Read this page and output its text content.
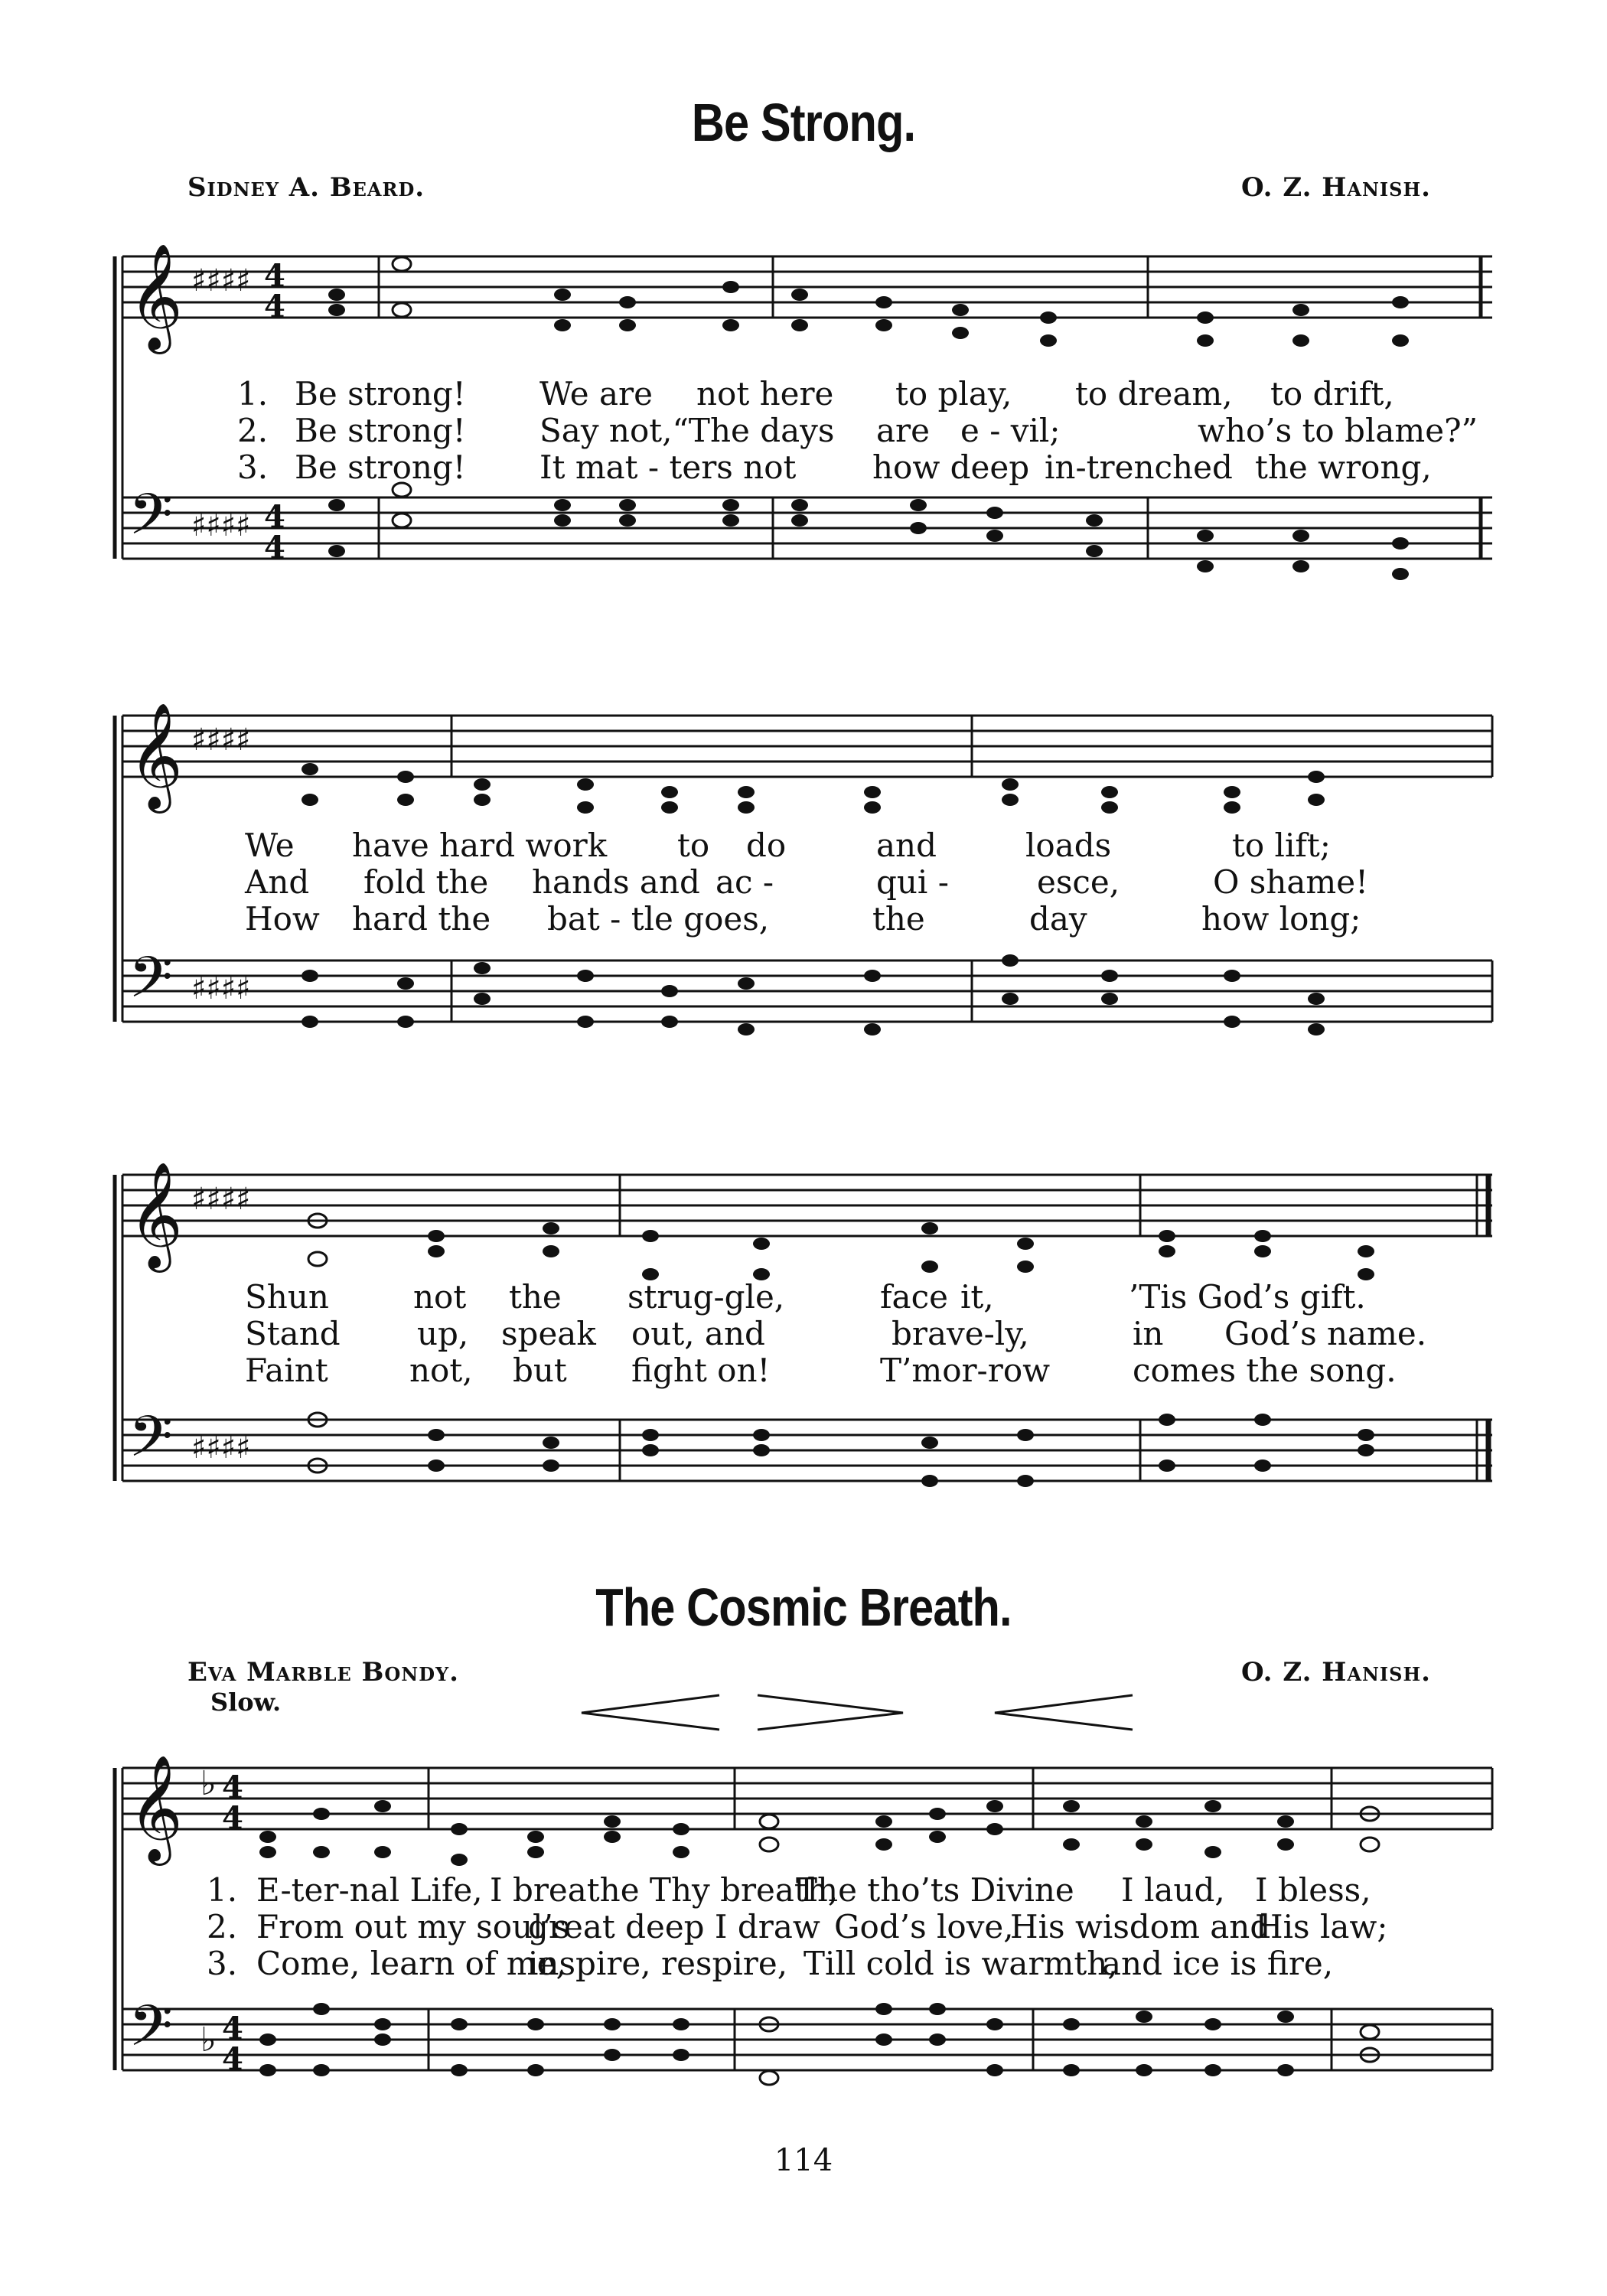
Be Strong.
Sidney A. Beard.	O. Z. Hanish.
𝄞
𝄢
♯♯♯♯
♯♯♯♯
4
4
4
4
𝄞
𝄢
♯♯♯♯
♯♯♯♯
𝄞
𝄢
♯♯♯♯
♯♯♯♯
𝄞
𝄢
♭
♭
4
4
4
4

1.

Be strong!

We are

not here

to play,

to dream,

to drift,

2.

Be strong!

Say not,“The days

are

e - vil;

	who’s to blame?”

3.

Be strong!

It mat - ters not

how deep

in-trenched

the wrong,

We

have hard work

to

do

	and

	loads

	to lift;

And

fold the

hands and

ac -

	qui -

	esce,

	O shame!

How

hard the

bat - tle goes,

	the

	day

	how long;

Shun

	not

the

strug-gle,

	face

it,

	’Tis God’s gift.

Stand

up,

speak

out, and

	brave-ly,

	in

God’s name.

Faint

	not,

but

fight on!

	T’mor-row

	comes the song.

The Cosmic Breath.
Eva Marble Bondy.	O. Z. Hanish.
Slow.

1.

E-ter-nal Life,

I breathe Thy breath,

The tho’ts Divine

I laud,

I bless,

2.

From out my soul’s

great deep I draw

God’s love,

His wisdom and

His law;

3.

Come, learn of me,

inspire, respire,

Till cold is warmth,

and ice is fire,

114
